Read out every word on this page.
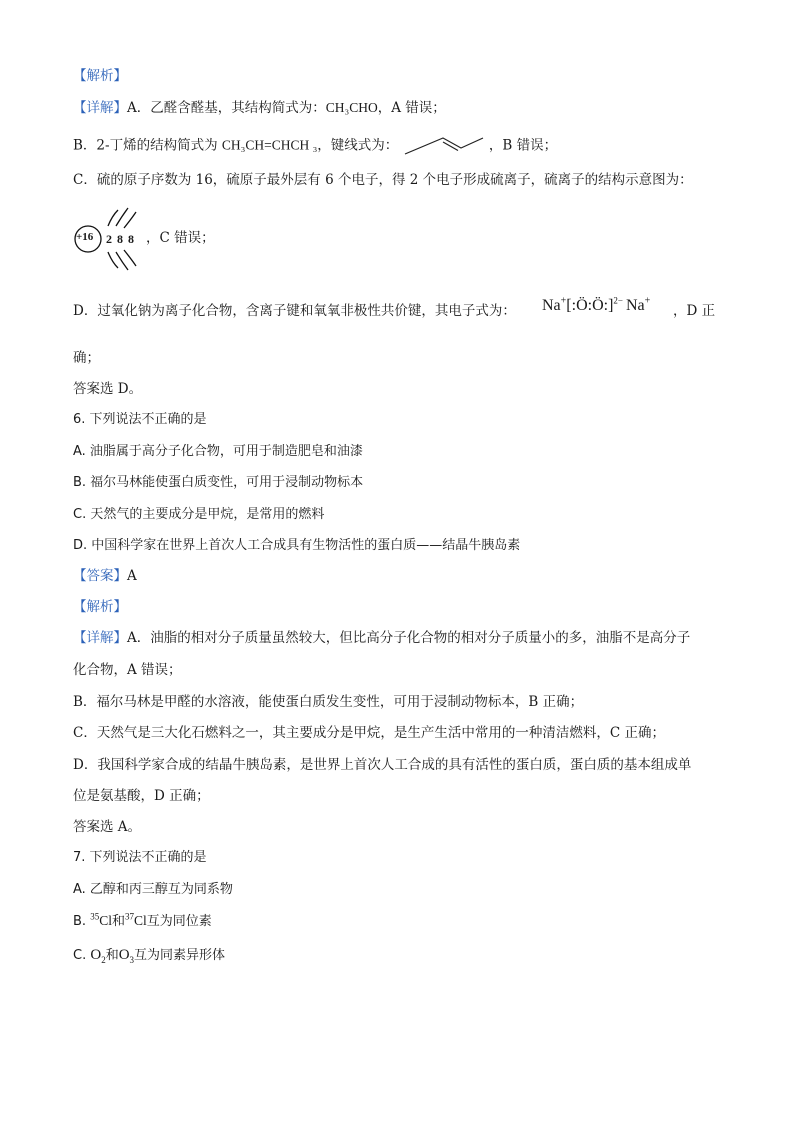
【解析】
【详解】A．乙醛含醛基，其结构简式为：CH₃CHO，A 错误；
B．2-丁烯的结构简式为 CH₃CH=CHCH ₃，键线式为：	，B 错误；
C．硫的原子序数为 16，硫原子最外层有 6 个电子，得 2 个电子形成硫离子，硫离子的结构示意图为：
+16 2 8 8 ，C 错误；
D．过氧化钠为离子化合物，含离子键和氧氧非极性共价键，其电子式为： Na+[:Ö:Ö:]$^{2-}$ Na+
，D 正
确；
答案选 D。
6. 下列说法不正确的是
A. 油脂属于高分子化合物，可用于制造肥皂和油漆
B. 福尔马林能使蛋白质变性，可用于浸制动物标本
C. 天然气的主要成分是甲烷，是常用的燃料
D. 中国科学家在世界上首次人工合成具有生物活性的蛋白质——结晶牛胰岛素
【答案】A
【解析】
【详解】A．油脂的相对分子质量虽然较大，但比高分子化合物的相对分子质量小的多，油脂不是高分子
化合物，A 错误；
B．福尔马林是甲醛的水溶液，能使蛋白质发生变性，可用于浸制动物标本，B 正确；
C．天然气是三大化石燃料之一，其主要成分是甲烷，是生产生活中常用的一种清洁燃料，C 正确；
D．我国科学家合成的结晶牛胰岛素，是世界上首次人工合成的具有活性的蛋白质，蛋白质的基本组成单
位是氨基酸，D 正确；
答案选 A。
7. 下列说法不正确的是
A. 乙醇和丙三醇互为同系物
B. $^{35}$Cl和$^{37}$Cl互为同位素
C. $O_2$和$O_3$互为同素异形体
